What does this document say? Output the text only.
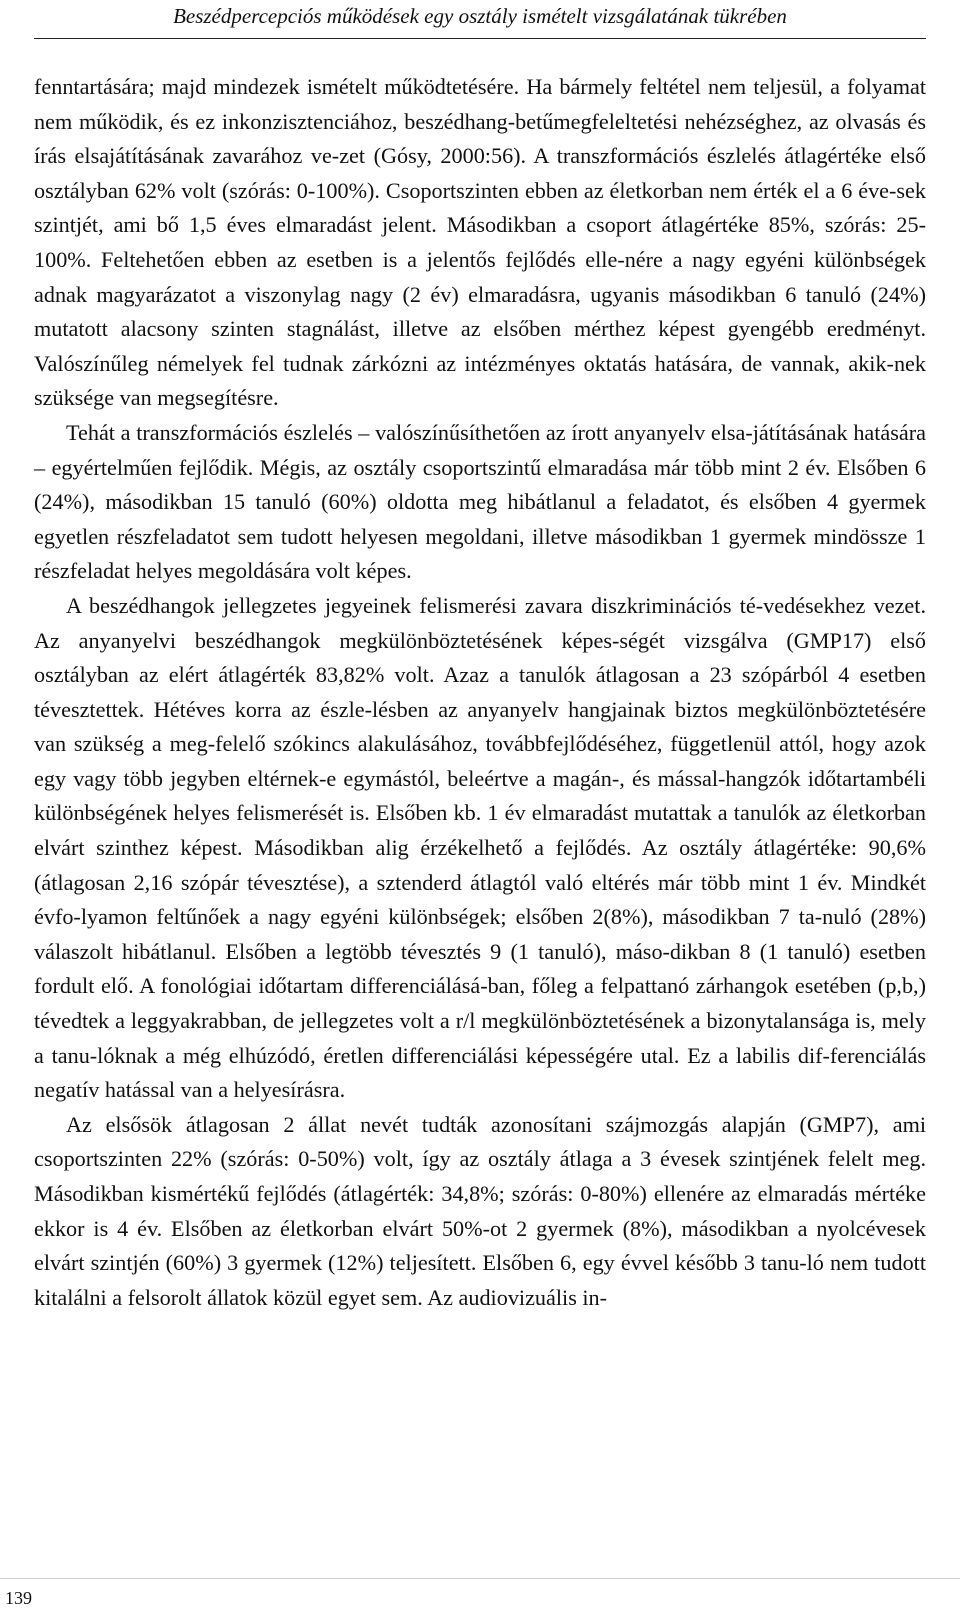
Beszédpercepciós működések egy osztály ismételt vizsgálatának tükrében

fenntartására; majd mindezek ismételt működtetésére. Ha bármely feltétel nem teljesül, a folyamat nem működik, és ez inkonzisztenciához, beszédhang-betűmegfeleltetési nehézséghez, az olvasás és írás elsajátításának zavarához ve-zet (Gósy, 2000:56). A transzformációs észlelés átlagértéke első osztályban 62% volt (szórás: 0-100%). Csoportszinten ebben az életkorban nem érték el a 6 éve-sek szintjét, ami bő 1,5 éves elmaradást jelent. Másodikban a csoport átlagértéke 85%, szórás: 25-100%. Feltehetően ebben az esetben is a jelentős fejlődés elle-nére a nagy egyéni különbségek adnak magyarázatot a viszonylag nagy (2 év) elmaradásra, ugyanis másodikban 6 tanuló (24%) mutatott alacsony szinten stagnálást, illetve az elsőben mérthez képest gyengébb eredményt. Valószínűleg némelyek fel tudnak zárkózni az intézményes oktatás hatására, de vannak, akik-nek szüksége van megsegítésre.

Tehát a transzformációs észlelés – valószínűsíthetően az írott anyanyelv elsa-játításának hatására – egyértelműen fejlődik. Mégis, az osztály csoportszintű elmaradása már több mint 2 év. Elsőben 6 (24%), másodikban 15 tanuló (60%) oldotta meg hibátlanul a feladatot, és elsőben 4 gyermek egyetlen részfeladatot sem tudott helyesen megoldani, illetve másodikban 1 gyermek mindössze 1 részfeladat helyes megoldására volt képes.

A beszédhangok jellegzetes jegyeinek felismerési zavara diszkriminációs té-vedésekhez vezet. Az anyanyelvi beszédhangok megkülönböztetésének képes-ségét vizsgálva (GMP17) első osztályban az elért átlagérték 83,82% volt. Azaz a tanulók átlagosan a 23 szópárból 4 esetben tévesztettek. Hétéves korra az észle-lésben az anyanyelv hangjainak biztos megkülönböztetésére van szükség a meg-felelő szókincs alakulásához, továbbfejlődéséhez, függetlenül attól, hogy azok egy vagy több jegyben eltérnek-e egymástól, beleértve a magán-, és mással-hangzók időtartambéli különbségének helyes felismerését is. Elsőben kb. 1 év elmaradást mutattak a tanulók az életkorban elvárt szinthez képest. Másodikban alig érzékelhető a fejlődés. Az osztály átlagértéke: 90,6% (átlagosan 2,16 szópár tévesztése), a sztenderd átlagtól való eltérés már több mint 1 év. Mindkét évfo-lyamon feltűnőek a nagy egyéni különbségek; elsőben 2(8%), másodikban 7 ta-nuló (28%) válaszolt hibátlanul. Elsőben a legtöbb tévesztés 9 (1 tanuló), máso-dikban 8 (1 tanuló) esetben fordult elő. A fonológiai időtartam differenciálásá-ban, főleg a felpattanó zárhangok esetében (p,b,) tévedtek a leggyakrabban, de jellegzetes volt a r/l megkülönböztetésének a bizonytalansága is, mely a tanu-lóknak a még elhúzódó, éretlen differenciálási képességére utal. Ez a labilis dif-ferenciálás negatív hatással van a helyesírásra.

Az elsősök átlagosan 2 állat nevét tudták azonosítani szájmozgás alapján (GMP7), ami csoportszinten 22% (szórás: 0-50%) volt, így az osztály átlaga a 3 évesek szintjének felelt meg. Másodikban kismértékű fejlődés (átlagérték: 34,8%; szórás: 0-80%) ellenére az elmaradás mértéke ekkor is 4 év. Elsőben az életkorban elvárt 50%-ot 2 gyermek (8%), másodikban a nyolcévesek elvárt szintjén (60%) 3 gyermek (12%) teljesített. Elsőben 6, egy évvel később 3 tanu-ló nem tudott kitalálni a felsorolt állatok közül egyet sem. Az audiovizuális in-

139
